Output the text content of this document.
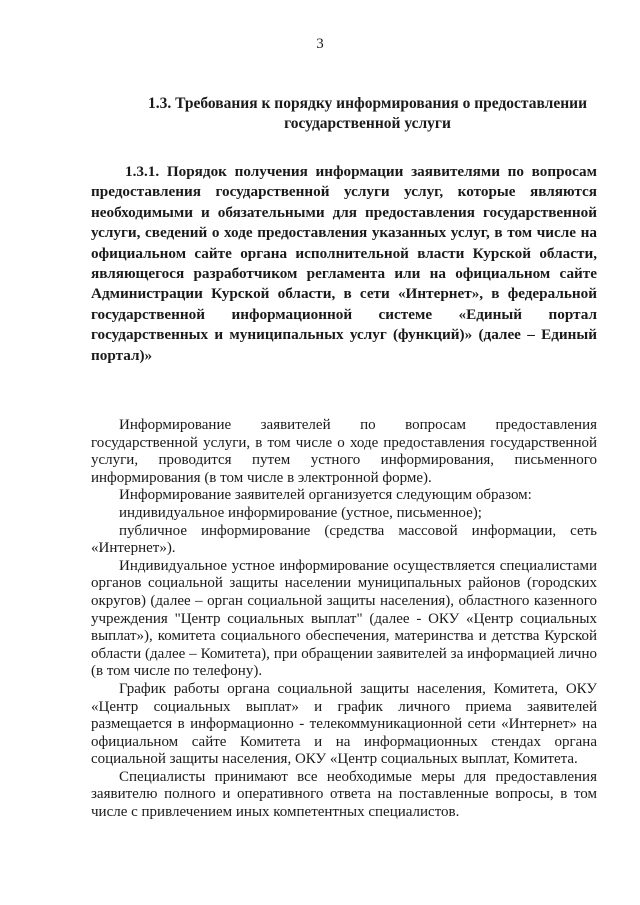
3
1.3. Требования к порядку информирования о предоставлении государственной услуги
1.3.1. Порядок получения информации заявителями по вопросам предоставления государственной услуги услуг, которые являются необходимыми и обязательными для предоставления государственной услуги, сведений о ходе предоставления указанных услуг, в том числе на официальном сайте органа исполнительной власти Курской области, являющегося разработчиком регламента или на официальном сайте Администрации Курской области, в сети «Интернет», в федеральной государственной информационной системе «Единый портал государственных и муниципальных услуг (функций)» (далее – Единый портал)»

Информирование заявителей по вопросам предоставления государственной услуги, в том числе о ходе предоставления государственной услуги, проводится путем устного информирования, письменного информирования (в том числе в электронной форме).

Информирование заявителей организуется следующим образом:

индивидуальное информирование (устное, письменное);

публичное информирование (средства массовой информации, сеть «Интернет»).

Индивидуальное устное информирование осуществляется специалистами органов социальной защиты населении муниципальных районов (городских округов) (далее – орган социальной защиты населения), областного казенного учреждения "Центр социальных выплат" (далее - ОКУ «Центр социальных выплат»), комитета социального обеспечения, материнства и детства Курской области (далее – Комитета), при обращении заявителей за информацией лично (в том числе по телефону).

График работы органа социальной защиты населения, Комитета, ОКУ «Центр социальных выплат» и график личного приема заявителей размещается в информационно - телекоммуникационной сети «Интернет» на официальном сайте Комитета и на информационных стендах органа социальной защиты населения, ОКУ «Центр социальных выплат, Комитета.

Специалисты принимают все необходимые меры для предоставления заявителю полного и оперативного ответа на поставленные вопросы, в том числе с привлечением иных компетентных специалистов.
